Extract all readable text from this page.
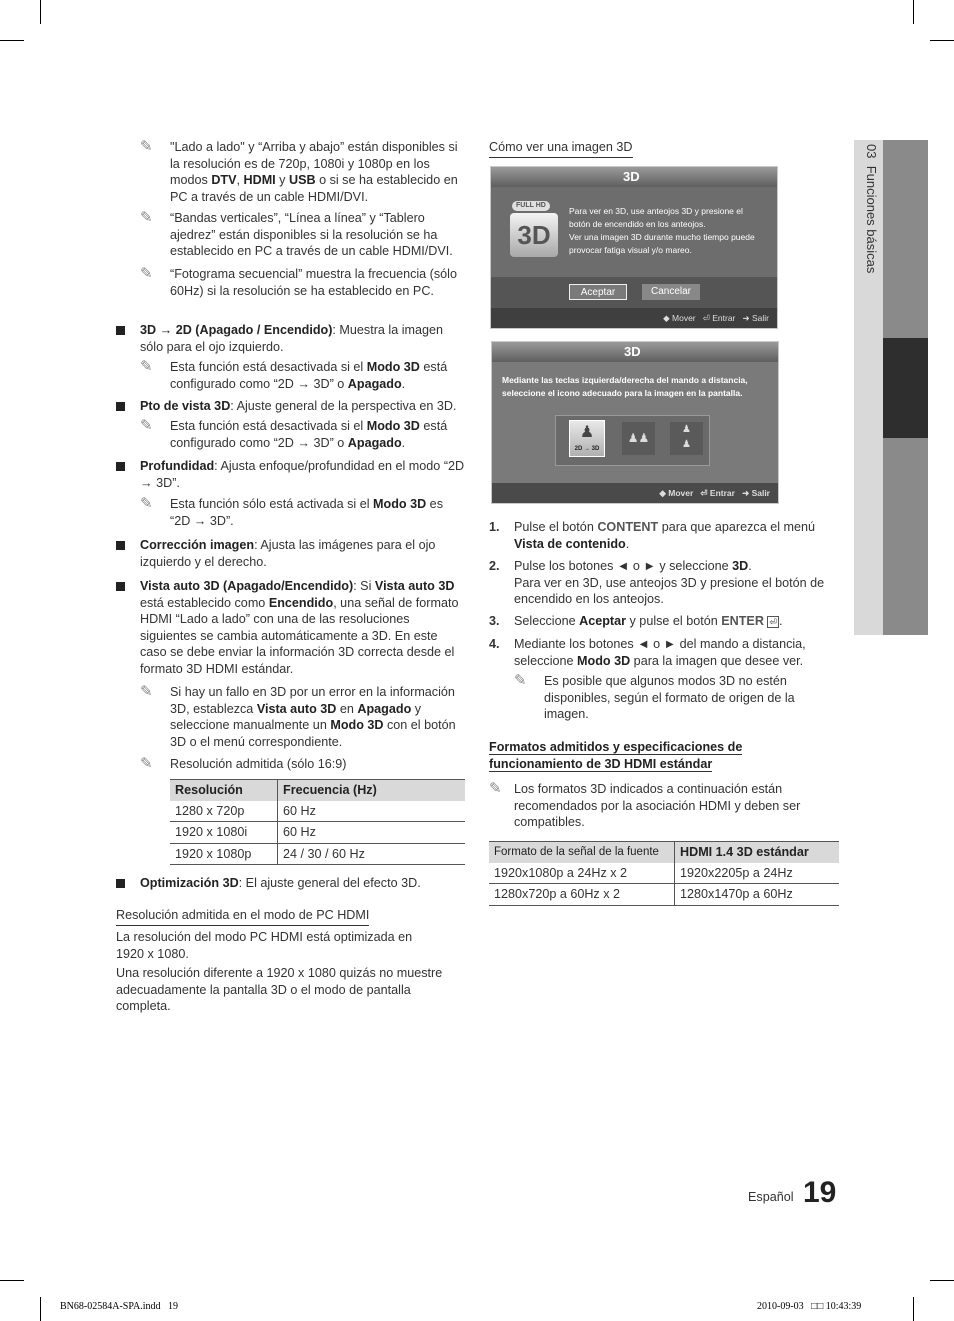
✎ "Lado a lado" y “Arriba y abajo” están disponibles si la resolución es de 720p, 1080i y 1080p en los modos DTV, HDMI y USB o si se ha establecido en PC a través de un cable HDMI/DVI.
✎ “Bandas verticales”, “Línea a línea” y “Tablero ajedrez” están disponibles si la resolución se ha establecido en PC a través de un cable HDMI/DVI.
✎ “Fotograma secuencial” muestra la frecuencia (sólo 60Hz) si la resolución se ha establecido en PC.
3D → 2D (Apagado / Encendido): Muestra la imagen sólo para el ojo izquierdo.
✎ Esta función está desactivada si el Modo 3D está configurado como “2D → 3D” o Apagado.
Pto de vista 3D: Ajuste general de la perspectiva en 3D.
✎ Esta función está desactivada si el Modo 3D está configurado como “2D → 3D” o Apagado.
Profundidad: Ajusta enfoque/profundidad en el modo “2D → 3D”.
✎ Esta función sólo está activada si el Modo 3D es “2D → 3D”.
Corrección imagen: Ajusta las imágenes para el ojo izquierdo y el derecho.
Vista auto 3D (Apagado/Encendido): Si Vista auto 3D está establecido como Encendido, una señal de formato HDMI “Lado a lado” con una de las resoluciones siguientes se cambia automáticamente a 3D. En este caso se debe enviar la información 3D correcta desde el formato 3D HDMI estándar.
✎ Si hay un fallo en 3D por un error en la información 3D, establezca Vista auto 3D en Apagado y seleccione manualmente un Modo 3D con el botón 3D o el menú correspondiente.
✎ Resolución admitida (sólo 16:9)
Resolución	Frecuencia (Hz)
1280 x 720p	60 Hz
1920 x 1080i	60 Hz
1920 x 1080p	24 / 30 / 60 Hz
Optimización 3D: El ajuste general del efecto 3D.
Resolución admitida en el modo de PC HDMI
La resolución del modo PC HDMI está optimizada en 1920 x 1080.
Una resolución diferente a 1920 x 1080 quizás no muestre adecuadamente la pantalla 3D o el modo de pantalla completa.
Cómo ver una imagen 3D
3D
FULL HD
3D
Para ver en 3D, use anteojos 3D y presione el botón de encendido en los anteojos.
Ver una imagen 3D durante mucho tiempo puede provocar fatiga visual y/o mareo.
Aceptar	Cancelar
◆ Mover ⏎ Entrar ➜ Salir
3D
Mediante las teclas izquierda/derecha del mando a distancia, seleccione el icono adecuado para la imagen en la pantalla.
♟
2D → 3D
♟♟
♟
♟
◆ Mover ⏎ Entrar ➜ Salir
1. Pulse el botón CONTENT para que aparezca el menú Vista de contenido.
2. Pulse los botones ◄ o ► y seleccione 3D.
Para ver en 3D, use anteojos 3D y presione el botón de encendido en los anteojos.
3. Seleccione Aceptar y pulse el botón ENTER ⏎ .
4. Mediante los botones ◄ o ► del mando a distancia, seleccione Modo 3D para la imagen que desee ver.
✎ Es posible que algunos modos 3D no estén disponibles, según el formato de origen de la imagen.
Formatos admitidos y especificaciones de funcionamiento de 3D HDMI estándar
✎ Los formatos 3D indicados a continuación están recomendados por la asociación HDMI y deben ser compatibles.
Formato de la señal de la fuente	HDMI 1.4 3D estándar
1920x1080p a 24Hz x 2	1920x2205p a 24Hz
1280x720p a 60Hz x 2	1280x1470p a 60Hz
03  Funciones básicas
Español 19
BN68-02584A-SPA.indd   19	2010-09-03   □□ 10:43:39
